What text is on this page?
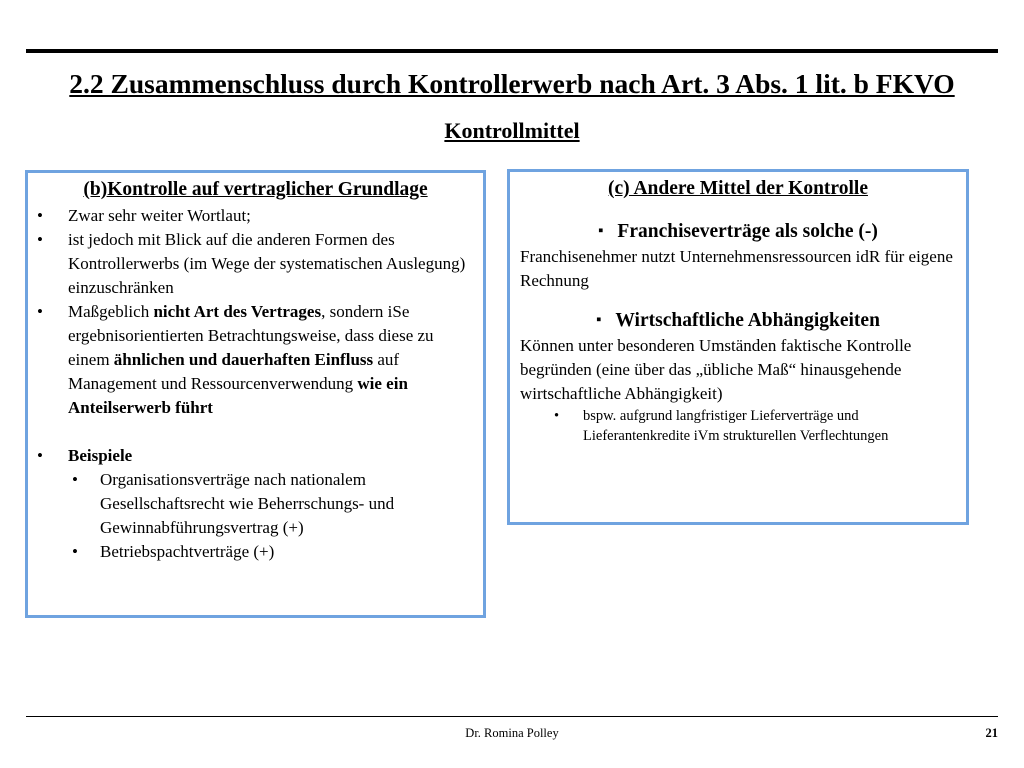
2.2 Zusammenschluss durch Kontrollerwerb nach Art. 3 Abs. 1 lit. b FKVO
Kontrollmittel
(b)Kontrolle auf vertraglicher Grundlage
• Zwar sehr weiter Wortlaut;
• ist jedoch mit Blick auf die anderen Formen des Kontrollerwerbs (im Wege der systematischen Auslegung) einzuschränken
• Maßgeblich nicht Art des Vertrages, sondern iSe ergebnisorientierten Betrachtungsweise, dass diese zu einem ähnlichen und dauerhaften Einfluss auf Management und Ressourcenverwendung wie ein Anteilserwerb führt
• Beispiele
• Organisationsverträge nach nationalem Gesellschaftsrecht wie Beherrschungs- und Gewinnabführungsvertrag (+)
• Betriebspachtverträge (+)
(c) Andere Mittel der Kontrolle
▪ Franchiseverträge als solche (-)
Franchisenehmer nutzt Unternehmensressourcen idR für eigene Rechnung
▪ Wirtschaftliche Abhängigkeiten
Können unter besonderen Umständen faktische Kontrolle begründen (eine über das „übliche Maß“ hinausgehende wirtschaftliche Abhängigkeit)
• bspw. aufgrund langfristiger Lieferverträge und Lieferantenkredite iVm strukturellen Verflechtungen
Dr. Romina Polley	21
